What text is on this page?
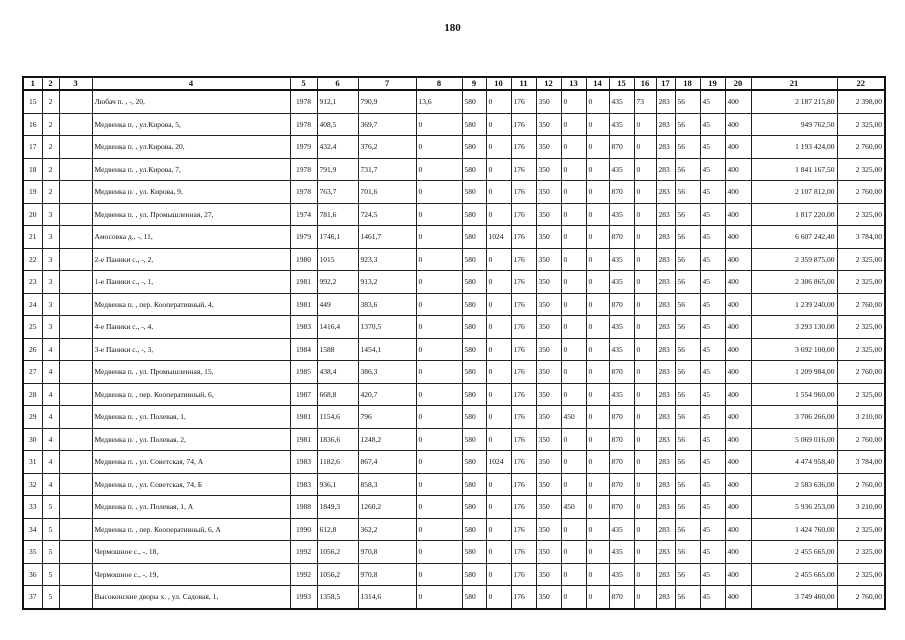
180
1	2	3	4	5	6	7	8	9	10	11	12	13	14	15	16	17	18	19	20	21	22
15	2		Любач п. , -, 20,	1978	912,1	790,9	13,6	580	0	176	350	0	0	435	73	283	56	45	400	2 187 215,80	2 398,00
16	2		Медвенка п. , ул.Кирова, 5,	1978	408,5	369,7	0	580	0	176	350	0	0	435	0	283	56	45	400	949 762,50	2 325,00
17	2		Медвенка п. , ул.Кирова, 20,	1979	432,4	376,2	0	580	0	176	350	0	0	870	0	283	56	45	400	1 193 424,00	2 760,00
18	2		Медвенка п. , ул.Кирова, 7,	1978	791,9	731,7	0	580	0	176	350	0	0	435	0	283	56	45	400	1 841 167,50	2 325,00
19	2		Медвенка п. , ул. Кирова, 9,	1978	763,7	701,6	0	580	0	176	350	0	0	870	0	283	56	45	400	2 107 812,00	2 760,00
20	3		Медвенка п. , ул. Промышленная, 27,	1974	781,6	724,5	0	580	0	176	350	0	0	435	0	283	56	45	400	1 817 220,00	2 325,00
21	3		Амосовка д., -, 11,	1979	1746,1	1461,7	0	580	1024	176	350	0	0	870	0	283	56	45	400	6 607 242,40	3 784,00
22	3		2-е Паники с., -, 2,	1980	1015	923,3	0	580	0	176	350	0	0	435	0	283	56	45	400	2 359 875,00	2 325,00
23	3		1-е Паники с., -, 1,	1981	992,2	913,2	0	580	0	176	350	0	0	435	0	283	56	45	400	2 306 865,00	2 325,00
24	3		Медвенка п. , пер. Кооперативный, 4,	1981	449	383,6	0	580	0	176	350	0	0	870	0	283	56	45	400	1 239 240,00	2 760,00
25	3		4-е Паники с., -, 4,	1983	1416,4	1370,5	0	580	0	176	350	0	0	435	0	283	56	45	400	3 293 130,00	2 325,00
26	4		3-е Паники с., -, 3,	1984	1588	1454,1	0	580	0	176	350	0	0	435	0	283	56	45	400	3 692 100,00	2 325,00
27	4		Медвенка п. , ул. Промышленная, 15,	1985	438,4	386,3	0	580	0	176	350	0	0	870	0	283	56	45	400	1 209 984,00	2 760,00
28	4		Медвенка п. , пер. Кооперативный, 6,	1987	668,8	420,7	0	580	0	176	350	0	0	435	0	283	56	45	400	1 554 960,00	2 325,00
29	4		Медвенка п. , ул. Полевая, 1,	1981	1154,6	796	0	580	0	176	350	450	0	870	0	283	56	45	400	3 706 266,00	3 210,00
30	4		Медвенка п. , ул. Полевая, 2,	1981	1836,6	1248,2	0	580	0	176	350	0	0	870	0	283	56	45	400	5 069 016,00	2 760,00
31	4		Медвенка п. , ул. Советская, 74, А	1983	1182,6	867,4	0	580	1024	176	350	0	0	870	0	283	56	45	400	4 474 958,40	3 784,00
32	4		Медвенка п. , ул. Советская, 74, Б	1983	936,1	858,3	0	580	0	176	350	0	0	870	0	283	56	45	400	2 583 636,00	2 760,00
33	5		Медвенка п. , ул. Полевая, 1, А	1988	1849,3	1260,2	0	580	0	176	350	450	0	870	0	283	56	45	400	5 936 253,00	3 210,00
34	5		Медвенка п. , пер. Кооперативный, 6, А	1990	612,8	362,2	0	580	0	176	350	0	0	435	0	283	56	45	400	1 424 760,00	2 325,00
35	5		Чермошное с., -, 18,	1992	1056,2	970,8	0	580	0	176	350	0	0	435	0	283	56	45	400	2 455 665,00	2 325,00
36	5		Чермошное с., -, 19,	1992	1056,2	970,8	0	580	0	176	350	0	0	435	0	283	56	45	400	2 455 665,00	2 325,00
37	5		Высоконские дворы х. , ул. Садовая, 1,	1993	1358,5	1314,6	0	580	0	176	350	0	0	870	0	283	56	45	400	3 749 460,00	2 760,00
